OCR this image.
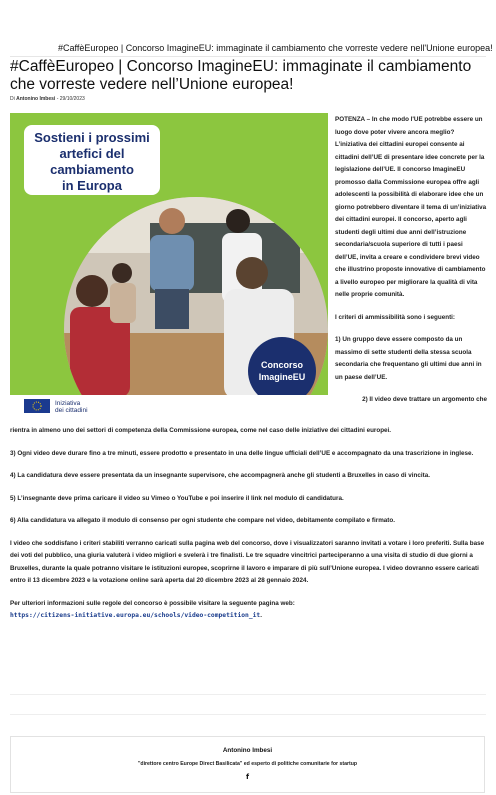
#CaffèEuropeo | Concorso ImagineEU: immaginate il cambiamento che vorreste vedere nell'Unione europea!
#CaffèEuropeo | Concorso ImagineEU: immaginate il cambiamento che vorreste vedere nell’Unione europea!
Di Antonino Imbesi - 29/10/2023
Sostieni i prossimi
artefici del
cambiamento
in Europa
Concorso
ImagineEU
Iniziativa
dei cittadini

POTENZA – In che modo l'UE potrebbe essere un luogo dove poter vivere ancora meglio? L’iniziativa dei cittadini europei consente ai cittadini dell’UE di presentare idee concrete per la legislazione dell’UE. Il concorso ImagineEU promosso dalla Commissione europea offre agli adolescenti la possibilità di elaborare idee che un giorno potrebbero diventare il tema di un’iniziativa dei cittadini europei. Il concorso, aperto agli studenti degli ultimi due anni dell’istruzione secondaria/scuola superiore di tutti i paesi dell’UE, invita a creare e condividere brevi video che illustrino proposte innovative di cambiamento a livello europeo per migliorare la qualità di vita nelle proprie comunità.

I criteri di ammissibilità sono i seguenti:

1) Un gruppo deve essere composto da un massimo di sette studenti della stessa scuola secondaria che frequentano gli ultimi due anni in un paese dell’UE.

2) Il video deve trattare un argomento che

rientra in almeno uno dei settori di competenza della Commissione europea, come nel caso delle iniziative dei cittadini europei.

3) Ogni video deve durare fino a tre minuti, essere prodotto e presentato in una delle lingue ufficiali dell’UE e accompagnato da una trascrizione in inglese.

4) La candidatura deve essere presentata da un insegnante supervisore, che accompagnerà anche gli studenti a Bruxelles in caso di vincita.

5) L’insegnante deve prima caricare il video su Vimeo o YouTube e poi inserire il link nel modulo di candidatura.

6) Alla candidatura va allegato il modulo di consenso per ogni studente che compare nel video, debitamente compilato e firmato.

I video che soddisfano i criteri stabiliti verranno caricati sulla pagina web del concorso, dove i visualizzatori saranno invitati a votare i loro preferiti. Sulla base dei voti del pubblico, una giuria valuterà i video migliori e svelerà i tre finalisti. Le tre squadre vincitrici parteciperanno a una visita di studio di due giorni a Bruxelles, durante la quale potranno visitare le istituzioni europee, scoprirne il lavoro e imparare di più sull’Unione europea. I video dovranno essere caricati entro il 13 dicembre 2023 e la votazione online sarà aperta dal 20 dicembre 2023 al 28 gennaio 2024.

Per ulteriori informazioni sulle regole del concorso è possibile visitare la seguente pagina web:
https://citizens-initiative.europa.eu/schools/video-competition_it.

Antonino Imbesi
"direttore centro Europe Direct Basilicata" ed esperto di politiche comunitarie for startup
f
